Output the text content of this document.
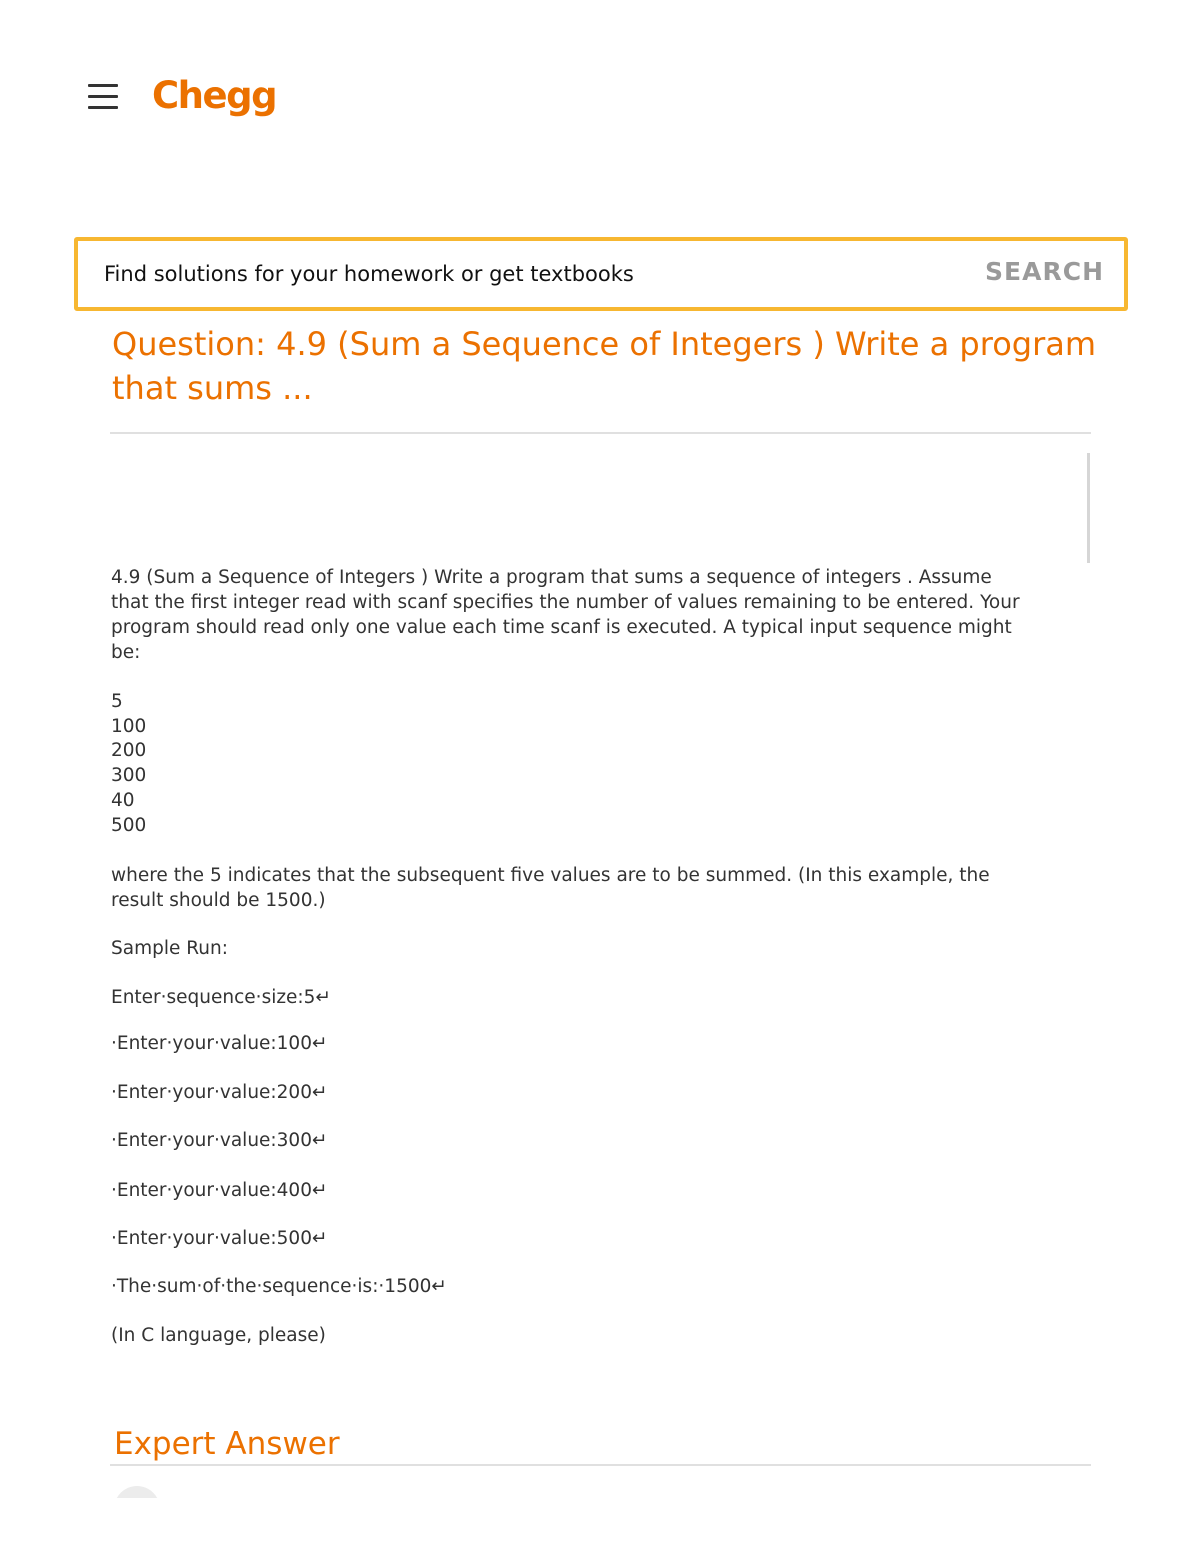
Chegg
Find solutions for your homework or get textbooks
SEARCH
Question: 4.9 (Sum a Sequence of Integers ) Write a program that sums ...

4.9 (Sum a Sequence of Integers ) Write a program that sums a sequence of integers . Assume that the first integer read with scanf specifies the number of values remaining to be entered. Your program should read only one value each time scanf is executed. A typical input sequence might be:

5
100
200
300
40
500

where the 5 indicates that the subsequent five values are to be summed. (In this example, the result should be 1500.)

Sample Run:
Enter·sequence·size:5↵
·Enter·your·value:100↵
·Enter·your·value:200↵
·Enter·your·value:300↵
·Enter·your·value:400↵
·Enter·your·value:500↵
·The·sum·of·the·sequence·is:·1500↵
(In C language, please)
Expert Answer
